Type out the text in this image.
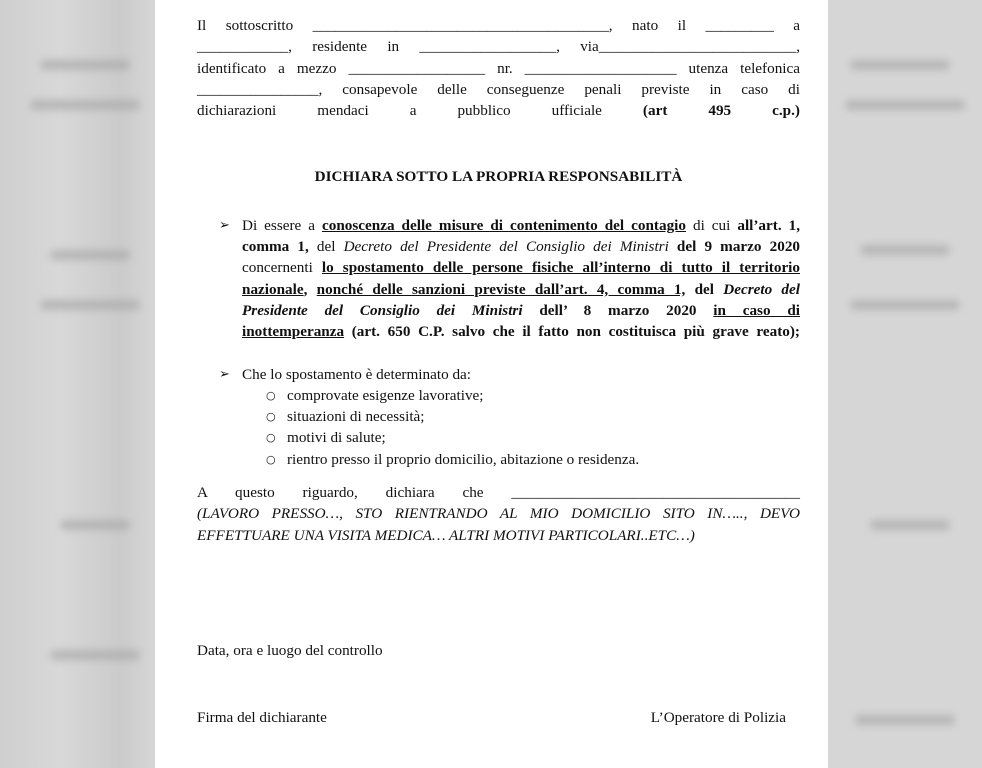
Il sottoscritto _______________________________________, nato il _________ a
____________, residente in __________________, via__________________________,
identificato a mezzo __________________ nr. ____________________ utenza telefonica
________________, consapevole delle conseguenze penali previste in caso di
dichiarazioni mendaci a pubblico ufficiale (art 495 c.p.)
DICHIARA SOTTO LA PROPRIA RESPONSABILITÀ
➢ Di essere a conoscenza delle misure di contenimento del contagio di cui all’art. 1,
comma 1, del Decreto del Presidente del Consiglio dei Ministri del 9 marzo 2020
concernenti lo spostamento delle persone fisiche all’interno di tutto il territorio
nazionale, nonché delle sanzioni previste dall’art. 4, comma 1, del Decreto del
Presidente del Consiglio dei Ministri dell’ 8 marzo 2020 in caso di
inottemperanza (art. 650 C.P. salvo che il fatto non costituisca più grave reato);
➢ Che lo spostamento è determinato da:
○ comprovate esigenze lavorative;
○ situazioni di necessità;
○ motivi di salute;
○ rientro presso il proprio domicilio, abitazione o residenza.
A questo riguardo, dichiara che ______________________________________
(LAVORO PRESSO…, STO RIENTRANDO AL MIO DOMICILIO SITO IN….., DEVO
EFFETTUARE UNA VISITA MEDICA… ALTRI MOTIVI PARTICOLARI..ETC…)
Data, ora e luogo del controllo
Firma del dichiarante	L’Operatore di Polizia
